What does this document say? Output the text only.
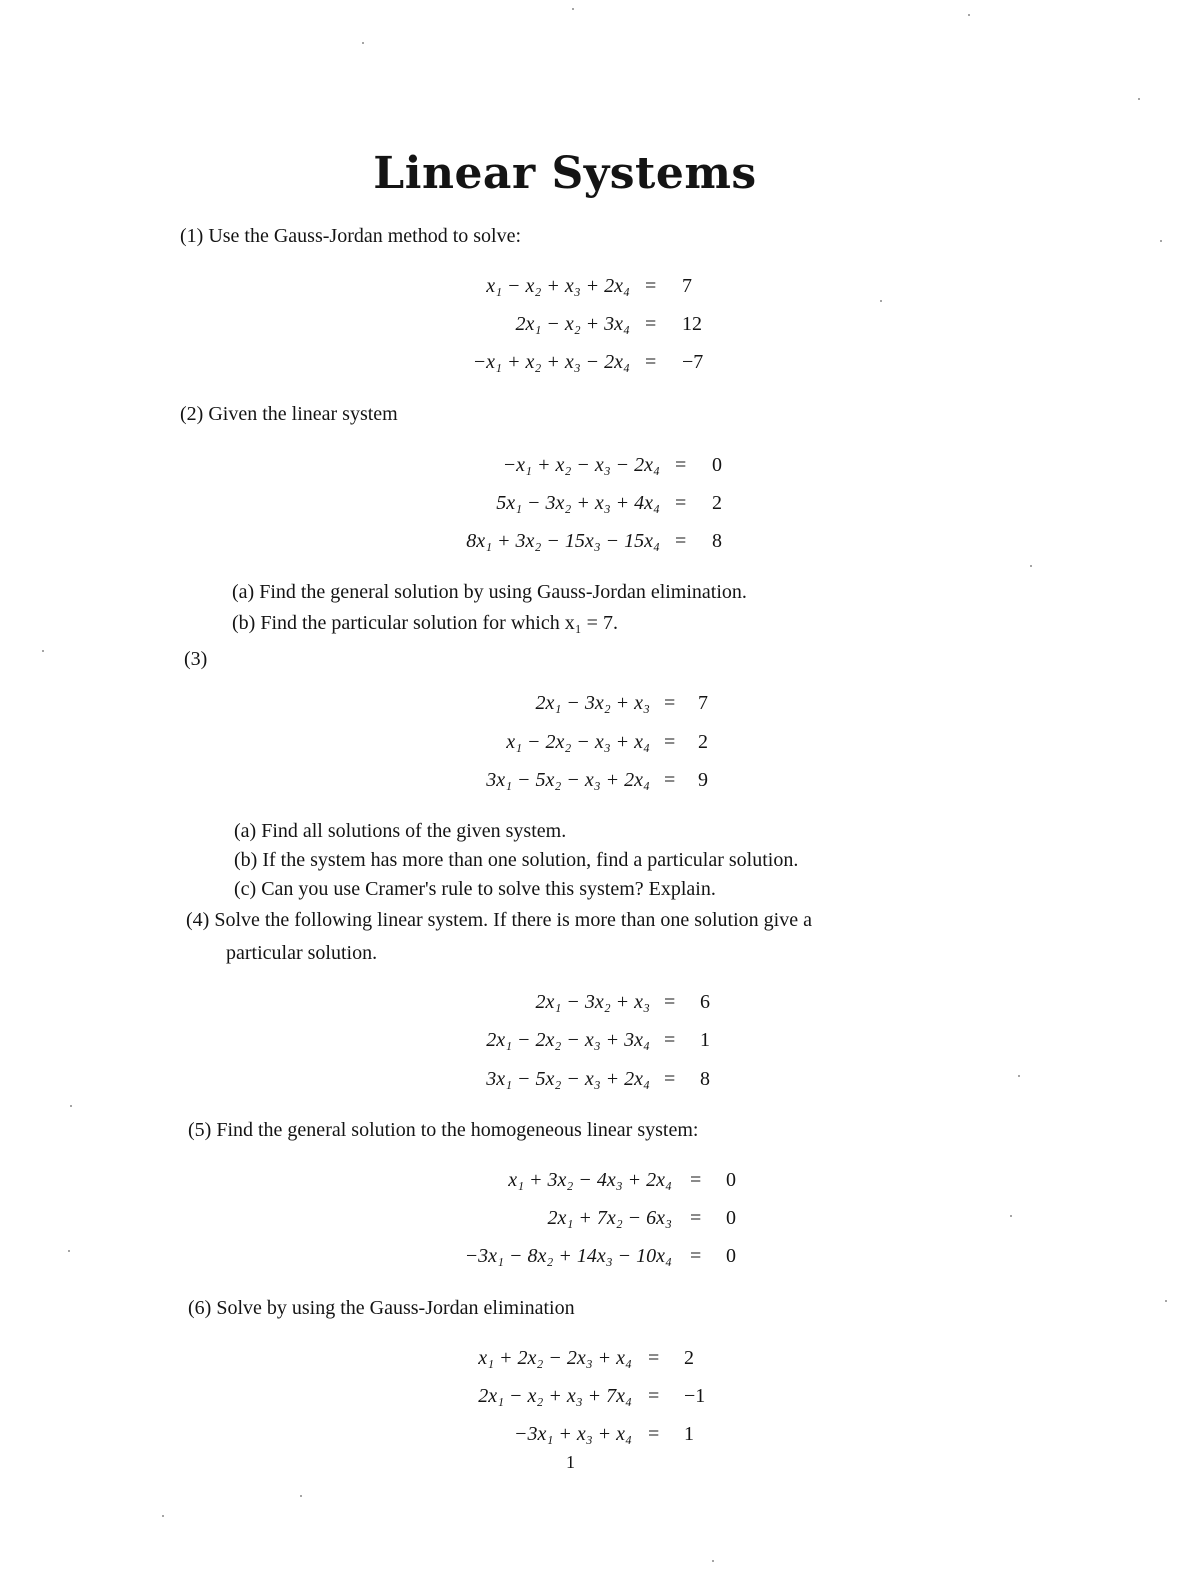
Linear Systems
(1) Use the Gauss-Jordan method to solve:
x₁ − x₂ + x₃ + 2x₄ = 7
2x₁ − x₂ + 3x₄ = 12
−x₁ + x₂ + x₃ − 2x₄ = −7
(2) Given the linear system
−x₁ + x₂ − x₃ − 2x₄ = 0
5x₁ − 3x₂ + x₃ + 4x₄ = 2
8x₁ + 3x₂ − 15x₃ − 15x₄ = 8
(a) Find the general solution by using Gauss-Jordan elimination.
(b) Find the particular solution for which x₁ = 7.
(3)
2x₁ − 3x₂ + x₃ = 7
x₁ − 2x₂ − x₃ + x₄ = 2
3x₁ − 5x₂ − x₃ + 2x₄ = 9
(a) Find all solutions of the given system.
(b) If the system has more than one solution, find a particular solution.
(c) Can you use Cramer's rule to solve this system? Explain.
(4) Solve the following linear system. If there is more than one solution give a
particular solution.
2x₁ − 3x₂ + x₃ = 6
2x₁ − 2x₂ − x₃ + 3x₄ = 1
3x₁ − 5x₂ − x₃ + 2x₄ = 8
(5) Find the general solution to the homogeneous linear system:
x₁ + 3x₂ − 4x₃ + 2x₄ = 0
2x₁ + 7x₂ − 6x₃ = 0
−3x₁ − 8x₂ + 14x₃ − 10x₄ = 0
(6) Solve by using the Gauss-Jordan elimination
x₁ + 2x₂ − 2x₃ + x₄ = 2
2x₁ − x₂ + x₃ + 7x₄ = −1
−3x₁ + x₃ + x₄ = 1
1
